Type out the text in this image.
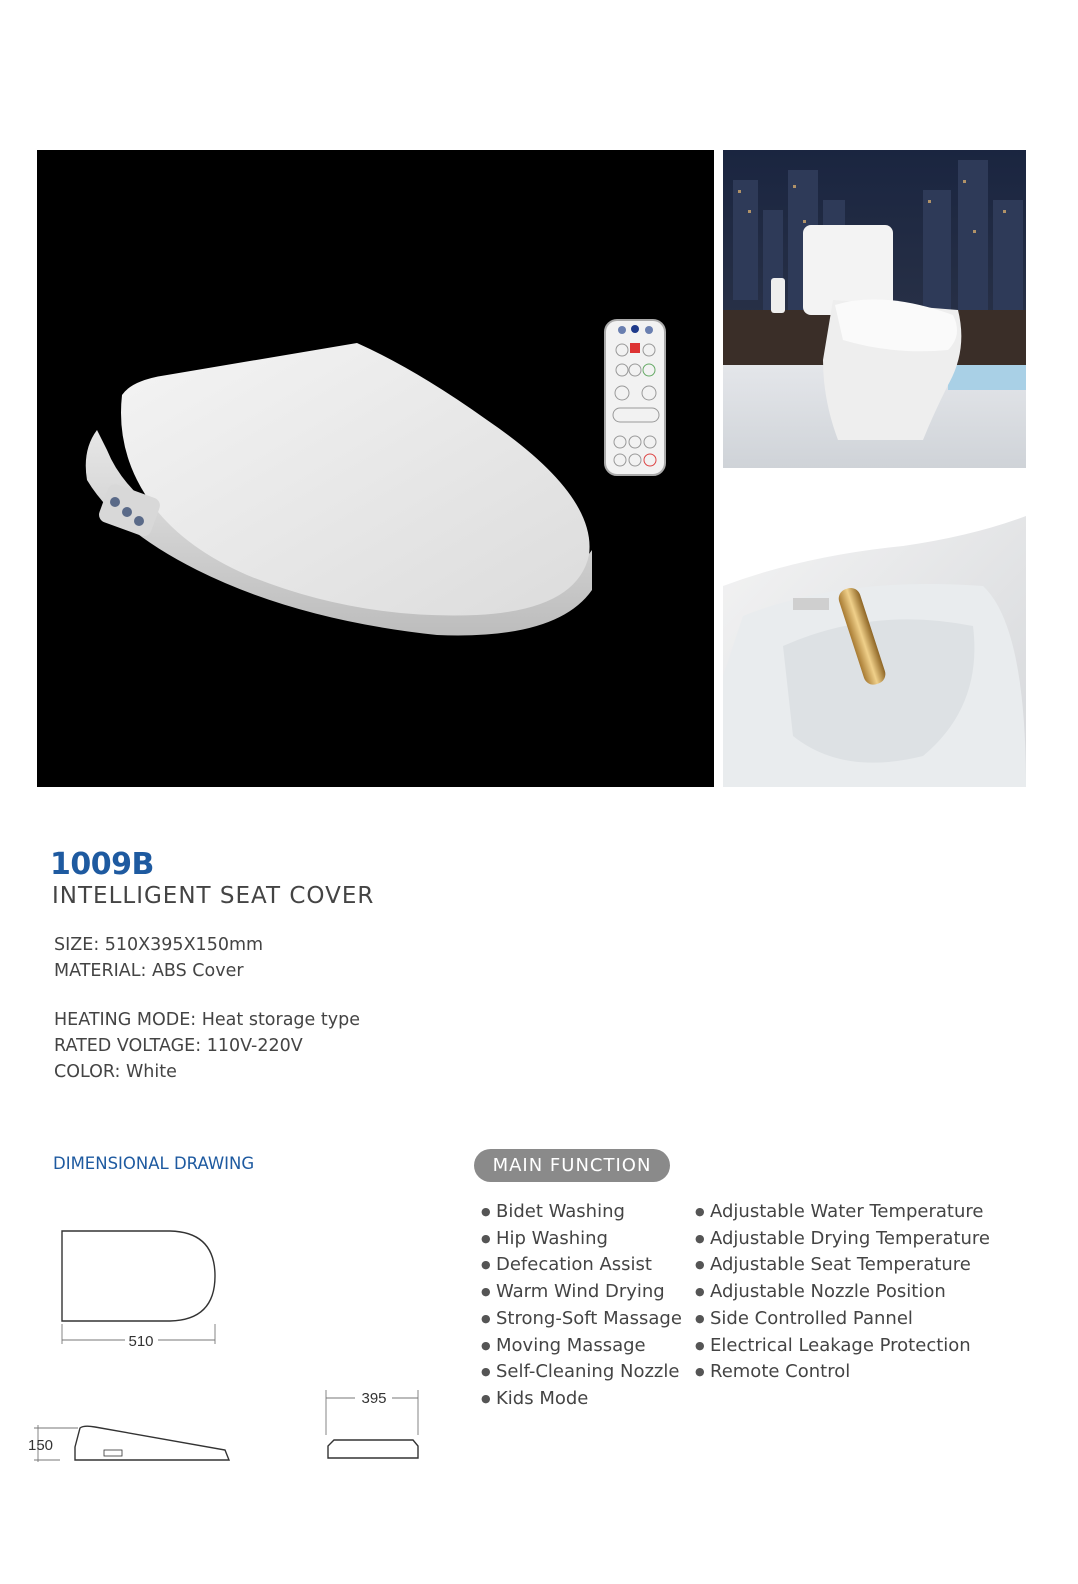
1009B
INTELLIGENT SEAT COVER
SIZE: 510X395X150mm
MATERIAL: ABS Cover
HEATING MODE: Heat storage type
RATED VOLTAGE: 110V-220V
COLOR: White
DIMENSIONAL DRAWING
510
395
150
MAIN FUNCTION
● Bidet Washing
● Hip Washing
● Defecation Assist
● Warm Wind Drying
● Strong-Soft Massage
● Moving Massage
● Self-Cleaning Nozzle
● Kids Mode
● Adjustable Water Temperature
● Adjustable Drying Temperature
● Adjustable Seat Temperature
● Adjustable Nozzle Position
● Side Controlled Pannel
● Electrical Leakage Protection
● Remote Control
